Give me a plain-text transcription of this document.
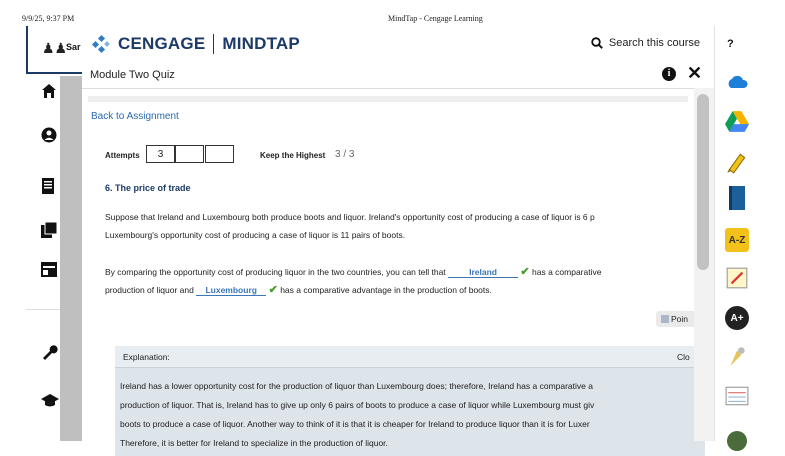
9/9/25, 9:37 PM	MindTap - Cengage Learning
♟♟
Sar CENGAGE MINDTAP	Search this course
Module Two Quiz	i ✕
Back to Assignment
Attempts	3	Keep the Highest 3 / 3
6. The price of trade
Suppose that Ireland and Luxembourg both produce boots and liquor. Ireland's opportunity cost of producing a case of liquor is 6 p
Luxembourg's opportunity cost of producing a case of liquor is 11 pairs of boots.
By comparing the opportunity cost of producing liquor in the two countries, you can tell that	Ireland ✔ has a comparative
production of liquor and Luxembourg ✔ has a comparative advantage in the production of boots.
Poin
Explanation:	Clo
Ireland has a lower opportunity cost for the production of liquor than Luxembourg does; therefore, Ireland has a comparative a
production of liquor. That is, Ireland has to give up only 6 pairs of boots to produce a case of liquor while Luxembourg must giv
boots to produce a case of liquor. Another way to think of it is that it is cheaper for Ireland to produce liquor than it is for Luxer
Therefore, it is better for Ireland to specialize in the production of liquor.
?
A-Z
A+
